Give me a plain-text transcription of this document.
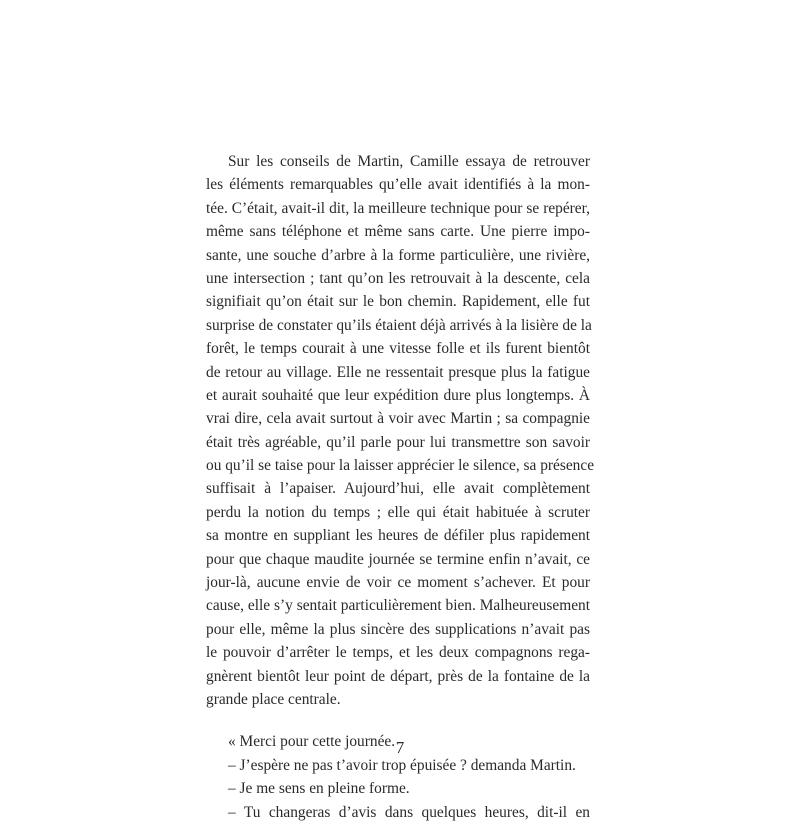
Sur les conseils de Martin, Camille essaya de retrouver
les éléments remarquables qu’elle avait identifiés à la mon-
tée. C’était, avait-il dit, la meilleure technique pour se repérer,
même sans téléphone et même sans carte. Une pierre impo-
sante, une souche d’arbre à la forme particulière, une rivière,
une intersection ; tant qu’on les retrouvait à la descente, cela
signifiait qu’on était sur le bon chemin. Rapidement, elle fut
surprise de constater qu’ils étaient déjà arrivés à la lisière de la
forêt, le temps courait à une vitesse folle et ils furent bientôt
de retour au village. Elle ne ressentait presque plus la fatigue
et aurait souhaité que leur expédition dure plus longtemps. À
vrai dire, cela avait surtout à voir avec Martin ; sa compagnie
était très agréable, qu’il parle pour lui transmettre son savoir
ou qu’il se taise pour la laisser apprécier le silence, sa présence
suffisait à l’apaiser. Aujourd’hui, elle avait complètement
perdu la notion du temps ; elle qui était habituée à scruter
sa montre en suppliant les heures de défiler plus rapidement
pour que chaque maudite journée se termine enfin n’avait, ce
jour-là, aucune envie de voir ce moment s’achever. Et pour
cause, elle s’y sentait particulièrement bien. Malheureusement
pour elle, même la plus sincère des supplications n’avait pas
le pouvoir d’arrêter le temps, et les deux compagnons rega-
gnèrent bientôt leur point de départ, près de la fontaine de la
grande place centrale.
« Merci pour cette journée.
– J’espère ne pas t’avoir trop épuisée ? demanda Martin.
– Je me sens en pleine forme.
– Tu changeras d’avis dans quelques heures, dit-il en
7
